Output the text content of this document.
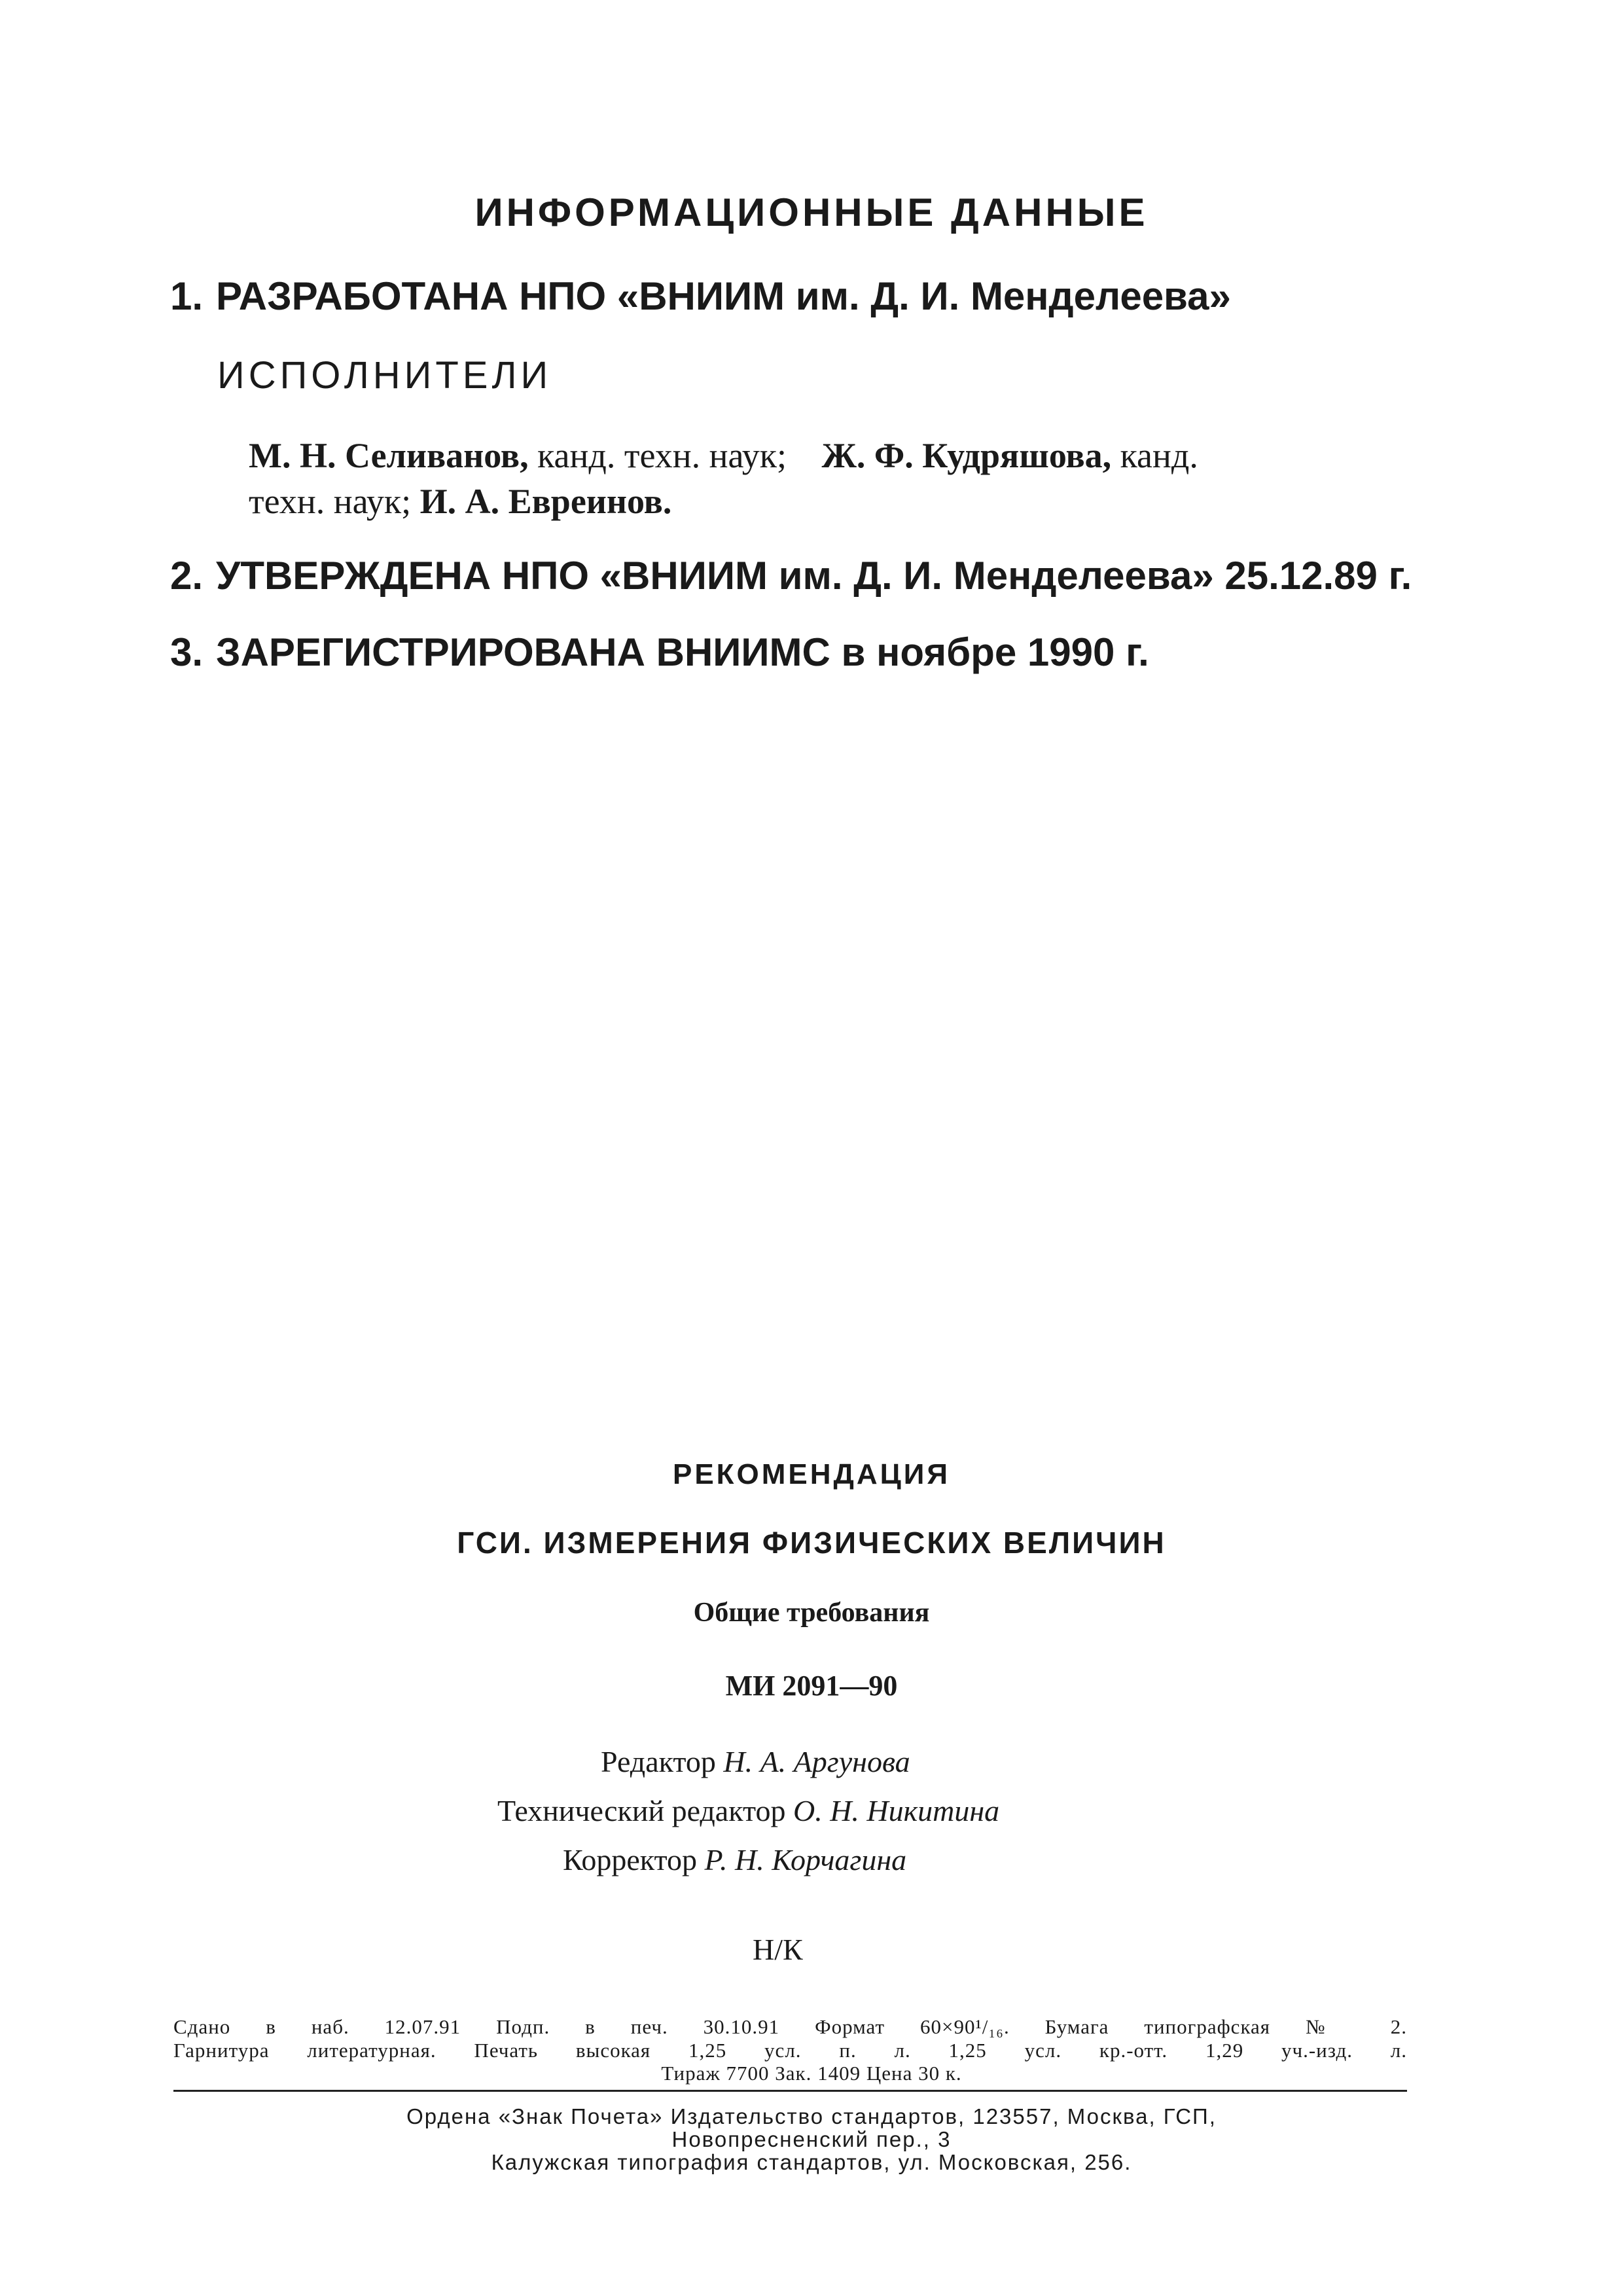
ИНФОРМАЦИОННЫЕ ДАННЫЕ
1. РАЗРАБОТАНА НПО «ВНИИМ им. Д. И. Менделеева»
ИСПОЛНИТЕЛИ
М. Н. Селиванов, канд. техн. наук; Ж. Ф. Кудряшова, канд.
техн. наук; И. А. Евреинов.
2. УТВЕРЖДЕНА НПО «ВНИИМ им. Д. И. Менделеева» 25.12.89 г.
3. ЗАРЕГИСТРИРОВАНА ВНИИМС в ноябре 1990 г.
РЕКОМЕНДАЦИЯ
ГСИ. ИЗМЕРЕНИЯ ФИЗИЧЕСКИХ ВЕЛИЧИН
Общие требования
МИ 2091—90
Редактор Н. А. Аргунова
Технический редактор О. Н. Никитина
Корректор Р. Н. Корчагина
Н/К
Сдано в наб. 12.07.91 Подп. в печ. 30.10.91 Формат 60×90¹/₁₆. Бумага типографская № 2.
Гарнитура литературная. Печать высокая 1,25 усл. п. л. 1,25 усл. кр.-отт. 1,29 уч.-изд. л.
Тираж 7700 Зак. 1409 Цена 30 к.
Ордена «Знак Почета» Издательство стандартов, 123557, Москва, ГСП,
Новопресненский пер., 3
Калужская типография стандартов, ул. Московская, 256.
